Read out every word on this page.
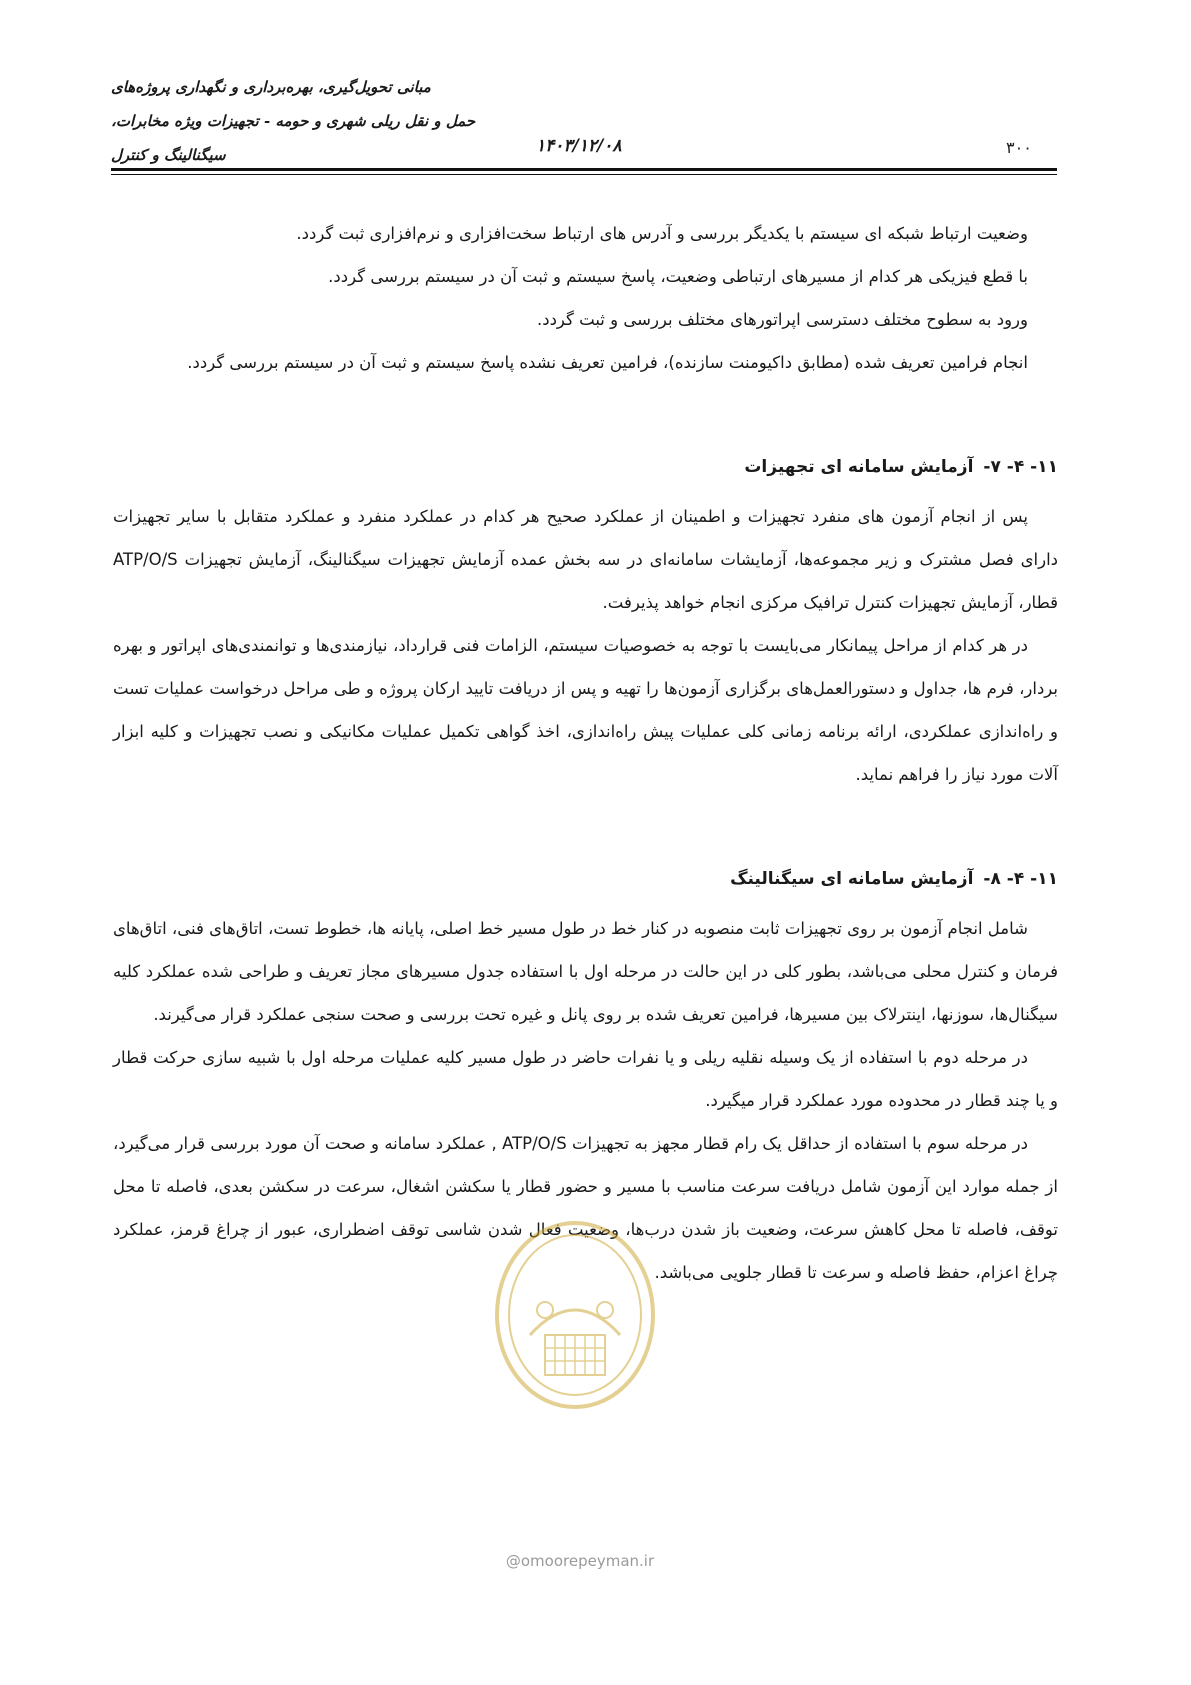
مبانی تحویل‌گیری، بهره‌برداری و نگهداری پروژه‌های
حمل و نقل ریلی شهری و حومه - تجهیزات ویژه مخابرات،
سیگنالینگ و کنترل	۱۴۰۳/۱۲/۰۸	۳۰۰

وضعیت ارتباط شبکه ای سیستم با یکدیگر بررسی و آدرس های ارتباط سخت‌افزاری و نرم‌افزاری ثبت گردد.

با قطع فیزیکی هر کدام از مسیرهای ارتباطی وضعیت، پاسخ سیستم و ثبت آن در سیستم بررسی گردد.

ورود به سطوح مختلف دسترسی اپراتورهای مختلف بررسی و ثبت گردد.

انجام فرامین تعریف شده (مطابق داکیومنت سازنده)، فرامین تعریف نشده پاسخ سیستم و ثبت آن در سیستم بررسی گردد.

۱۱- ۴- ۷-آزمایش سامانه ای تجهیزات

پس از انجام آزمون های منفرد تجهیزات و اطمینان از عملکرد صحیح هر کدام در عملکرد منفرد و عملکرد متقابل با سایر تجهیزات دارای فصل مشترک و زیر مجموعه‌ها، آزمایشات سامانه‌ای در سه بخش عمده آزمایش تجهیزات سیگنالینگ، آزمایش تجهیزات ATP/O/S قطار، آزمایش تجهیزات کنترل ترافیک مرکزی انجام خواهد پذیرفت.

در هر کدام از مراحل پیمانکار می‌بایست با توجه به خصوصیات سیستم، الزامات فنی قرارداد، نیازمندی‌ها و توانمندی‌های اپراتور و بهره بردار، فرم ها، جداول و دستورالعمل‌های برگزاری آزمون‌ها را تهیه و پس از دریافت تایید ارکان پروژه و طی مراحل درخواست عملیات تست و راه‌اندازی عملکردی، ارائه برنامه زمانی کلی عملیات پیش راه‌اندازی، اخذ گواهی تکمیل عملیات مکانیکی و نصب تجهیزات و کلیه ابزار آلات مورد نیاز را فراهم نماید.

۱۱- ۴- ۸-آزمایش سامانه ای سیگنالینگ

شامل انجام آزمون بر روی تجهیزات ثابت منصوبه در کنار خط در طول مسیر خط اصلی، پایانه ها، خطوط تست، اتاق‌های فنی، اتاق‌های فرمان و کنترل محلی می‌باشد، بطور کلی در این حالت در مرحله اول با استفاده جدول مسیرهای مجاز تعریف و طراحی شده عملکرد کلیه سیگنال‌ها، سوزنها، اینترلاک بین مسیرها، فرامین تعریف شده بر روی پانل و غیره تحت بررسی و صحت سنجی عملکرد قرار می‌گیرند.

در مرحله دوم با استفاده از یک وسیله نقلیه ریلی و یا نفرات حاضر در طول مسیر کلیه عملیات مرحله اول با شبیه سازی حرکت قطار و یا چند قطار در محدوده مورد عملکرد قرار میگیرد.

در مرحله سوم با استفاده از حداقل یک رام قطار مجهز به تجهیزات ATP/O/S , عملکرد سامانه و صحت آن مورد بررسی قرار می‌گیرد، از جمله موارد این آزمون شامل دریافت سرعت مناسب با مسیر و حضور قطار یا سکشن اشغال، سرعت در سکشن بعدی، فاصله تا محل توقف، فاصله تا محل کاهش سرعت، وضعیت باز شدن درب‌ها، وضعیت فعال شدن شاسی توقف اضطراری، عبور از چراغ قرمز، عملکرد چراغ اعزام، حفظ فاصله و سرعت تا قطار جلویی می‌باشد.

@omoorepeyman.ir
